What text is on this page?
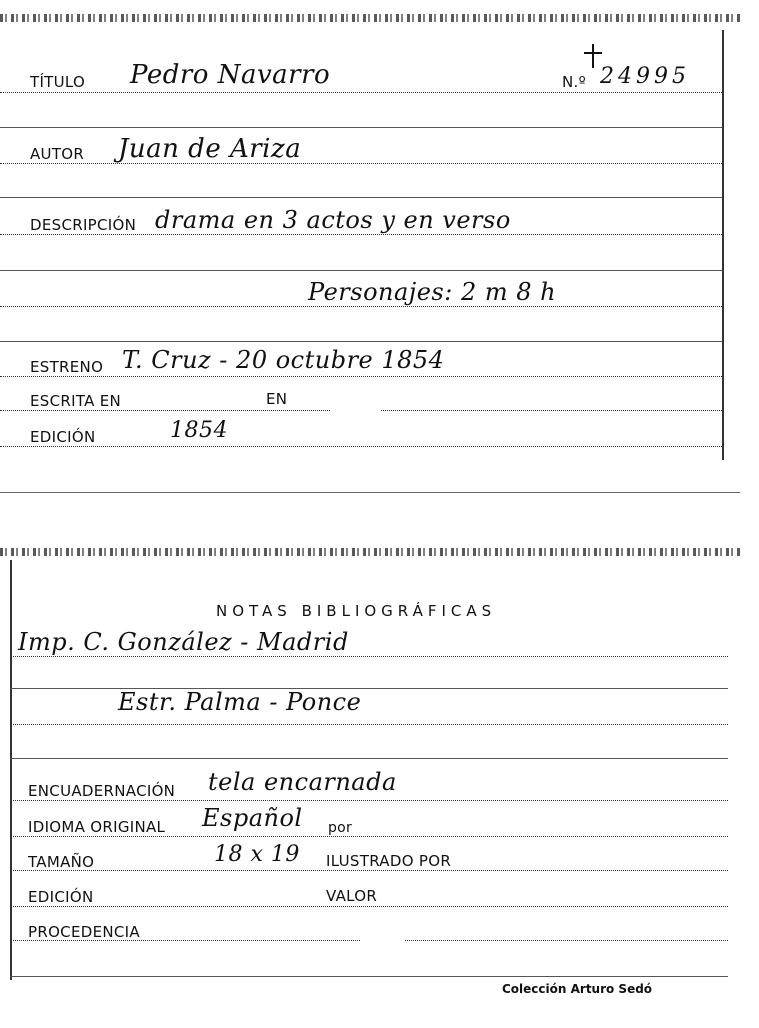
TÍTULO Pedro Navarro	N.º 24995
AUTOR Juan de Ariza
DESCRIPCIÓN drama en 3 actos y en verso
Personajes: 2 m 8 h
ESTRENO T. Cruz - 20 octubre 1854
ESCRITA EN	EN
EDICIÓN	1854
NOTAS BIBLIOGRÁFICAS
Imp. C. González - Madrid
Estr. Palma - Ponce
ENCUADERNACIÓN tela encarnada
IDIOMA ORIGINAL Español por
TAMAÑO	18 x 19 ILUSTRADO POR
EDICIÓN	VALOR
PROCEDENCIA
Colección Arturo Sedó
